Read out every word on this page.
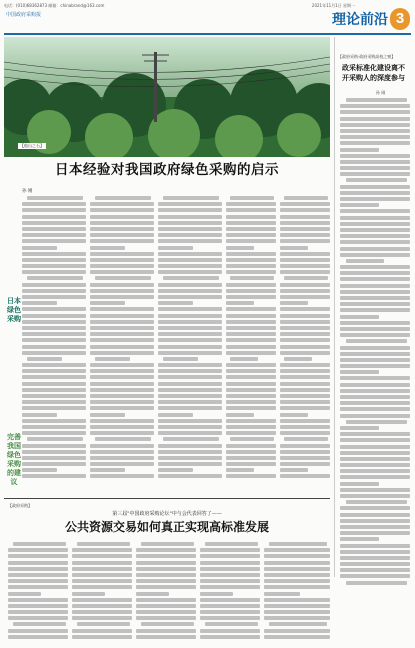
电话：(010)68362873 邮箱：chinabrand@163.com	2021年11月1日 星期一
中国政府采购报	理论前沿 3
【他山之石】
日本经验对我国政府绿色采购的启示
孙 刚
日本绿色采购
完善我国绿色采购的建议
【政府采购·政府采购高校之窗】
政采标准化建设离不开采购人的深度参与
孙 刚
【政府采购】
第三届"中国政府采购论坛"中与会代表回答了——
公共资源交易如何真正实现高标准发展
